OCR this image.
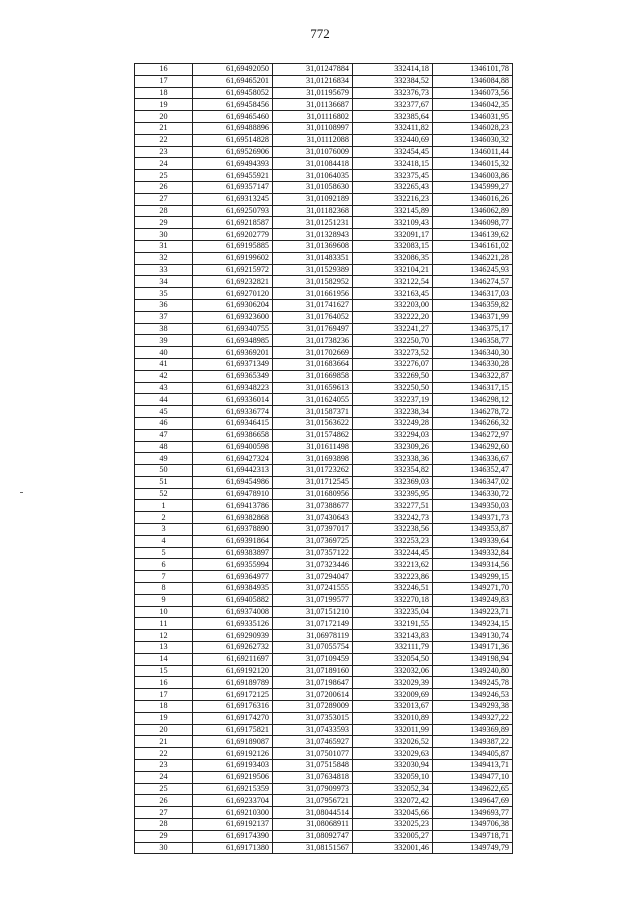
772
16	61,69492050	31,01247884	332414,18	1346101,78
17	61,69465201	31,01216834	332384,52	1346084,88
18	61,69458052	31,01195679	332376,73	1346073,56
19	61,69458456	31,01136687	332377,67	1346042,35
20	61,69465460	31,01116802	332385,64	1346031,95
21	61,69488896	31,01108997	332411,82	1346028,23
22	61,69514828	31,01112088	332440,69	1346030,32
23	61,69526906	31,01076009	332454,45	1346011,44
24	61,69494393	31,01084418	332418,15	1346015,32
25	61,69455921	31,01064035	332375,45	1346003,86
26	61,69357147	31,01058630	332265,43	1345999,27
27	61,69313245	31,01092189	332216,23	1346016,26
28	61,69250793	31,01182368	332145,89	1346062,89
29	61,69218587	31,01251231	332109,43	1346098,77
30	61,69202779	31,01328943	332091,17	1346139,62
31	61,69195885	31,01369608	332083,15	1346161,02
32	61,69199602	31,01483351	332086,35	1346221,28
33	61,69215972	31,01529389	332104,21	1346245,93
34	61,69232821	31,01582952	332122,54	1346274,57
35	61,69270120	31,01661956	332163,45	1346317,03
36	61,69306204	31,01741627	332203,00	1346359,82
37	61,69323600	31,01764052	332222,20	1346371,99
38	61,69340755	31,01769497	332241,27	1346375,17
39	61,69348985	31,01738236	332250,70	1346358,77
40	61,69369201	31,01702669	332273,52	1346340,30
41	61,69371349	31,01683664	332276,07	1346330,28
42	61,69365349	31,01669858	332269,50	1346322,87
43	61,69348223	31,01659613	332250,50	1346317,15
44	61,69336014	31,01624055	332237,19	1346298,12
45	61,69336774	31,01587371	332238,34	1346278,72
46	61,69346415	31,01563622	332249,28	1346266,32
47	61,69386658	31,01574862	332294,03	1346272,97
48	61,69400598	31,01611498	332309,26	1346292,60
49	61,69427324	31,01693898	332338,36	1346336,67
50	61,69442313	31,01723262	332354,82	1346352,47
51	61,69454986	31,01712545	332369,03	1346347,02
52	61,69478910	31,01680956	332395,95	1346330,72
1	61,69413786	31,07388677	332277,51	1349350,03
2	61,69382868	31,07430643	332242,73	1349371,73
3	61,69378890	31,07397017	332238,56	1349353,87
4	61,69391864	31,07369725	332253,23	1349339,64
5	61,69383897	31,07357122	332244,45	1349332,84
6	61,69355994	31,07323446	332213,62	1349314,56
7	61,69364977	31,07294047	332223,86	1349299,15
8	61,69384935	31,07241555	332246,51	1349271,70
9	61,69405882	31,07199577	332270,18	1349249,83
10	61,69374008	31,07151210	332235,04	1349223,71
11	61,69335126	31,07172149	332191,55	1349234,15
12	61,69290939	31,06978119	332143,83	1349130,74
13	61,69262732	31,07055754	332111,79	1349171,36
14	61,69211697	31,07109459	332054,50	1349198,94
15	61,69192120	31,07189160	332032,06	1349240,80
16	61,69189789	31,07198647	332029,39	1349245,78
17	61,69172125	31,07200614	332009,69	1349246,53
18	61,69176316	31,07289009	332013,67	1349293,38
19	61,69174270	31,07353015	332010,89	1349327,22
20	61,69175821	31,07433593	332011,99	1349369,89
21	61,69189087	31,07465927	332026,52	1349387,22
22	61,69192126	31,07501077	332029,63	1349405,87
23	61,69193403	31,07515848	332030,94	1349413,71
24	61,69219506	31,07634818	332059,10	1349477,10
25	61,69215359	31,07909973	332052,34	1349622,65
26	61,69233704	31,07956721	332072,42	1349647,69
27	61,69210300	31,08044514	332045,66	1349693,77
28	61,69192137	31,08068911	332025,23	1349706,38
29	61,69174390	31,08092747	332005,27	1349718,71
30	61,69171380	31,08151567	332001,46	1349749,79
